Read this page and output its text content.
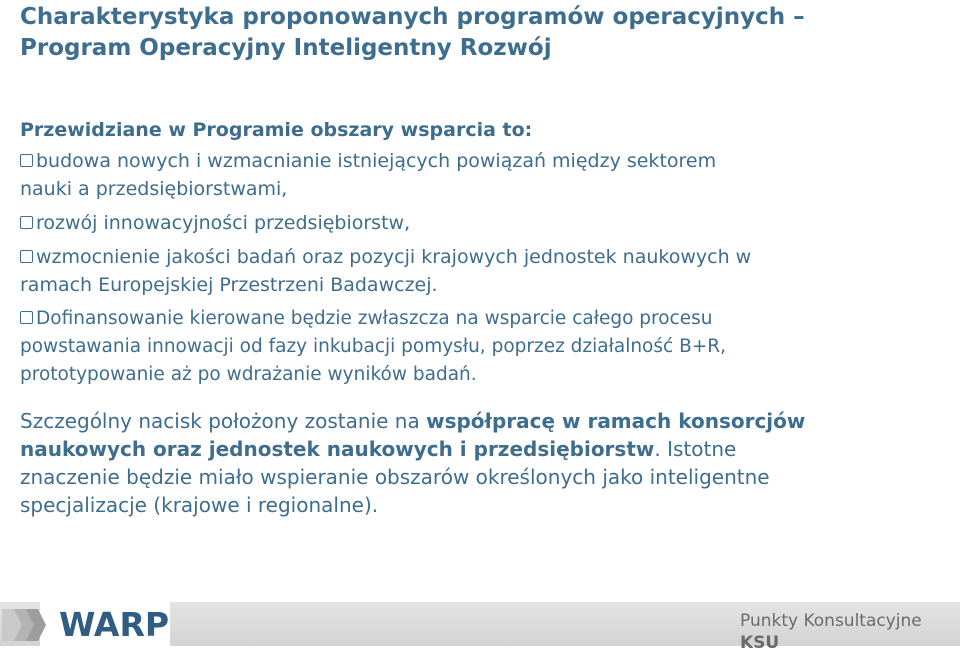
Charakterystyka proponowanych programów operacyjnych –
Program Operacyjny Inteligentny Rozwój
Przewidziane w Programie obszary wsparcia to:
budowa nowych i wzmacnianie istniejących powiązań między sektorem
nauki a przedsiębiorstwami,
rozwój innowacyjności przedsiębiorstw,
wzmocnienie jakości badań oraz pozycji krajowych jednostek naukowych w
ramach Europejskiej Przestrzeni Badawczej.
Dofinansowanie kierowane będzie zwłaszcza na wsparcie całego procesu
powstawania innowacji od fazy inkubacji pomysłu, poprzez działalność B+R,
prototypowanie aż po wdrażanie wyników badań.
Szczególny nacisk położony zostanie na współpracę w ramach konsorcjów
naukowych oraz jednostek naukowych i przedsiębiorstw. Istotne
znaczenie będzie miało wspieranie obszarów określonych jako inteligentne
specjalizacje (krajowe i regionalne).
WARP	Punkty Konsultacyjne KSU
